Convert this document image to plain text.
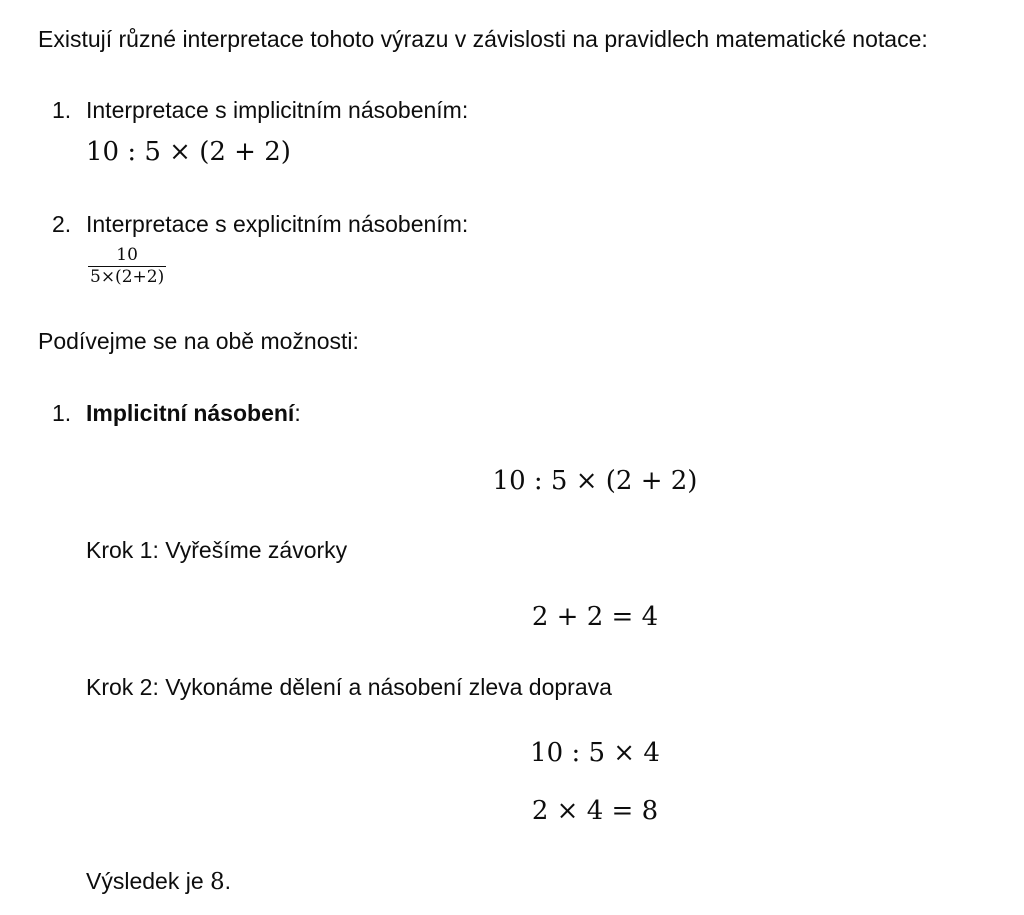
Existují různé interpretace tohoto výrazu v závislosti na pravidlech matematické notace:
1. Interpretace s implicitním násobením:
10 : 5 × (2 + 2)
2. Interpretace s explicitním násobením:
10
5×(2+2)
Podívejme se na obě možnosti:
1. Implicitní násobení:
10 : 5 × (2 + 2)
Krok 1: Vyřešíme závorky
2 + 2 = 4
Krok 2: Vykonáme dělení a násobení zleva doprava
10 : 5 × 4
2 × 4 = 8
Výsledek je 8.
